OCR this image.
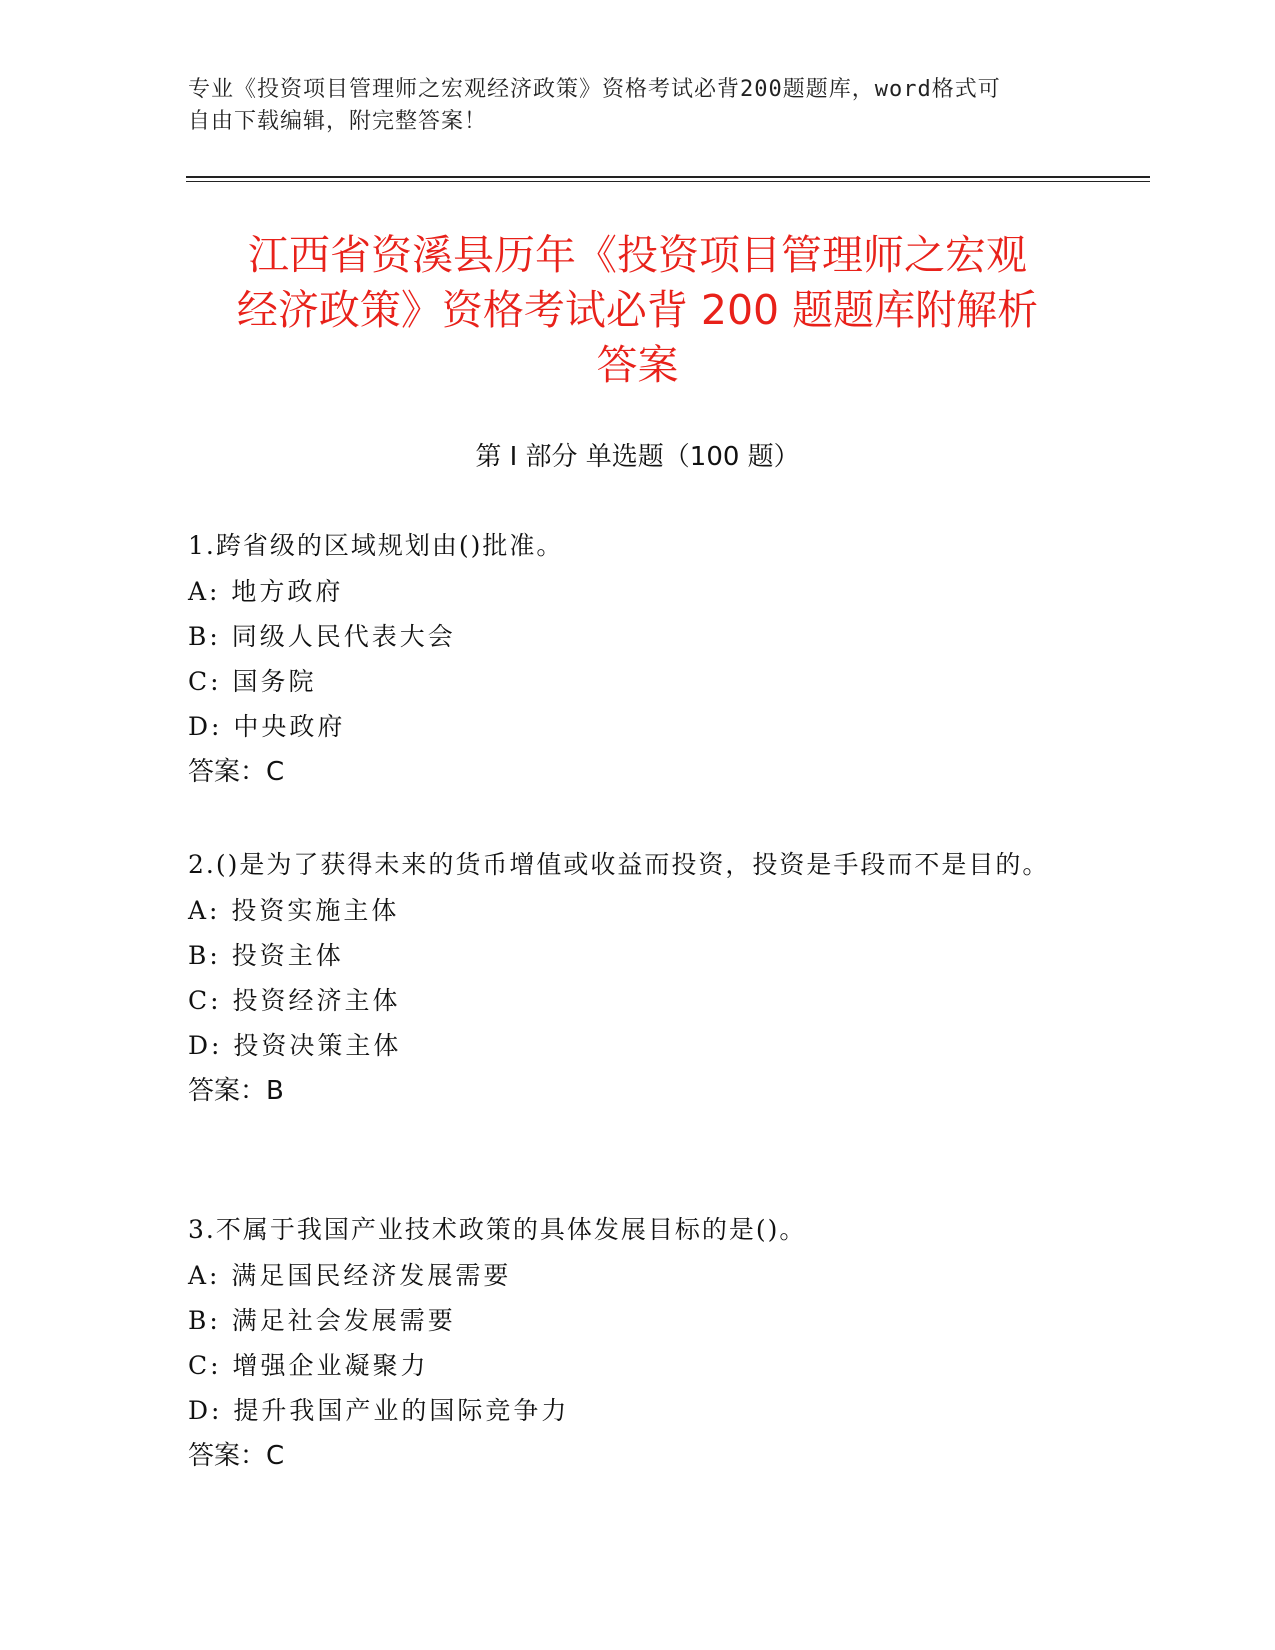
专业《投资项目管理师之宏观经济政策》资格考试必背200题题库，word格式可

自由下载编辑，附完整答案！

江西省资溪县历年《投资项目管理师之宏观
经济政策》资格考试必背 200 题题库附解析
答案
第 I 部分 单选题（100 题）

1.跨省级的区域规划由()批准。

A: 地方政府

B: 同级人民代表大会

C: 国务院

D: 中央政府

答案：C

2.()是为了获得未来的货币增值或收益而投资，投资是手段而不是目的。

A: 投资实施主体

B: 投资主体

C: 投资经济主体

D: 投资决策主体

答案：B

3.不属于我国产业技术政策的具体发展目标的是()。

A: 满足国民经济发展需要

B: 满足社会发展需要

C: 增强企业凝聚力

D: 提升我国产业的国际竞争力

答案：C
